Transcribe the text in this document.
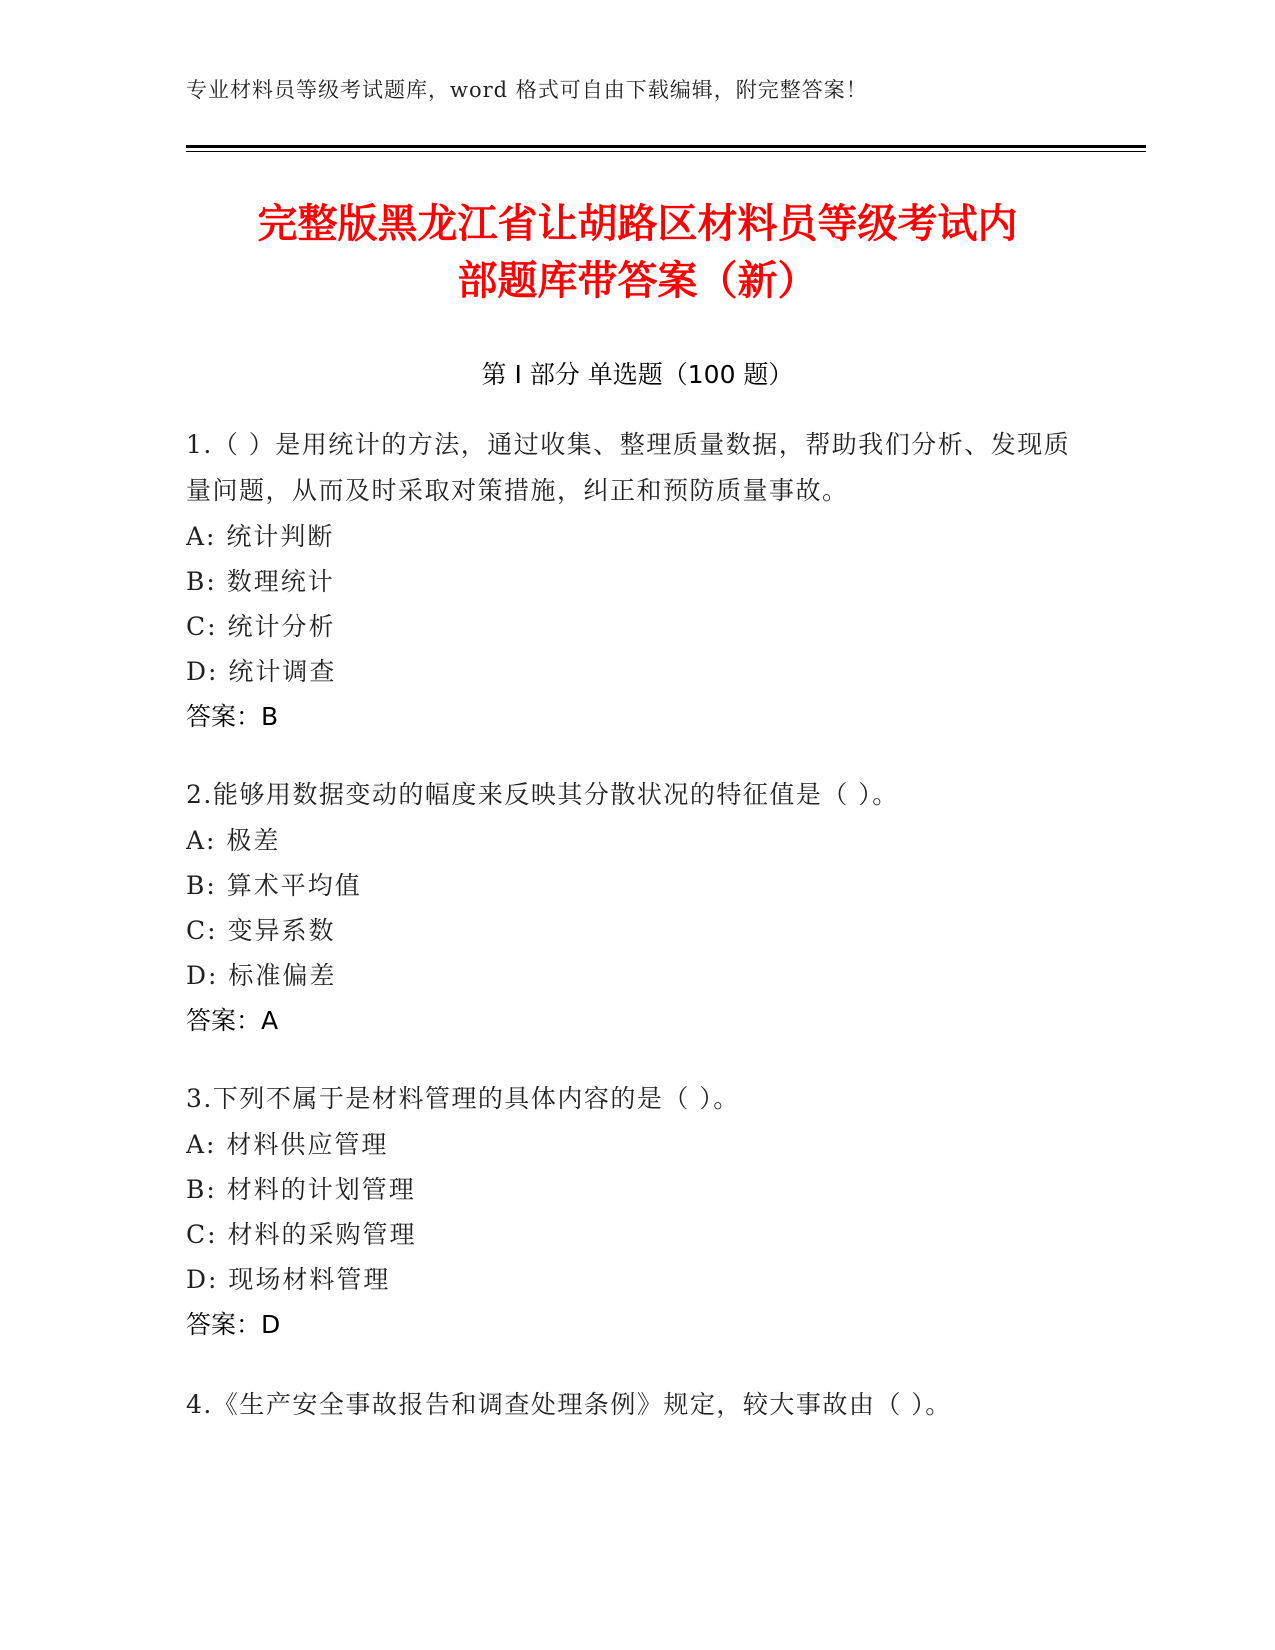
专业材料员等级考试题库，word 格式可自由下载编辑，附完整答案！
完整版黑龙江省让胡路区材料员等级考试内
部题库带答案（新）
第 I 部分 单选题（100 题）
1.（ ）是用统计的方法，通过收集、整理质量数据，帮助我们分析、发现质量问题，从而及时采取对策措施，纠正和预防质量事故。
A: 统计判断
B: 数理统计
C: 统计分析
D: 统计调查
答案：B
2.能够用数据变动的幅度来反映其分散状况的特征值是（ ）。
A: 极差
B: 算术平均值
C: 变异系数
D: 标准偏差
答案：A
3.下列不属于是材料管理的具体内容的是（ ）。
A: 材料供应管理
B: 材料的计划管理
C: 材料的采购管理
D: 现场材料管理
答案：D
4.《生产安全事故报告和调查处理条例》规定，较大事故由（ ）。
